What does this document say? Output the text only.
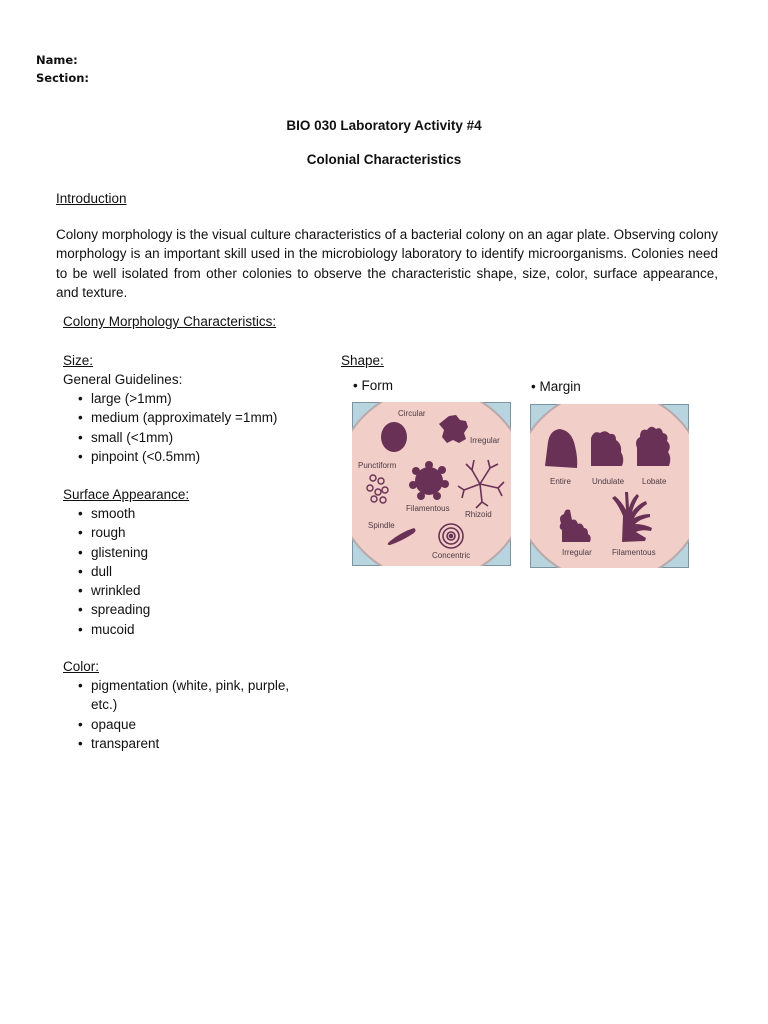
Name:
Section:
BIO 030 Laboratory Activity #4
Colonial Characteristics
Introduction
Colony morphology is the visual culture characteristics of a bacterial colony on an agar plate. Observing colony morphology is an important skill used in the microbiology laboratory to identify microorganisms. Colonies need to be well isolated from other colonies to observe the characteristic shape, size, color, surface appearance, and texture.
Colony Morphology Characteristics:
Size:
General Guidelines:
• large (>1mm)
• medium (approximately =1mm)
• small (<1mm)
• pinpoint (<0.5mm)
Surface Appearance:
• smooth
• rough
• glistening
• dull
• wrinkled
• spreading
• mucoid
Color:
• pigmentation (white, pink, purple, etc.)
• opaque
• transparent
Shape:
• Form	• Margin
Circular
Irregular
Punctiform
Filamentous
Rhizoid
Spindle
Concentric
Entire	Undulate Lobate
Irregular	Filamentous
